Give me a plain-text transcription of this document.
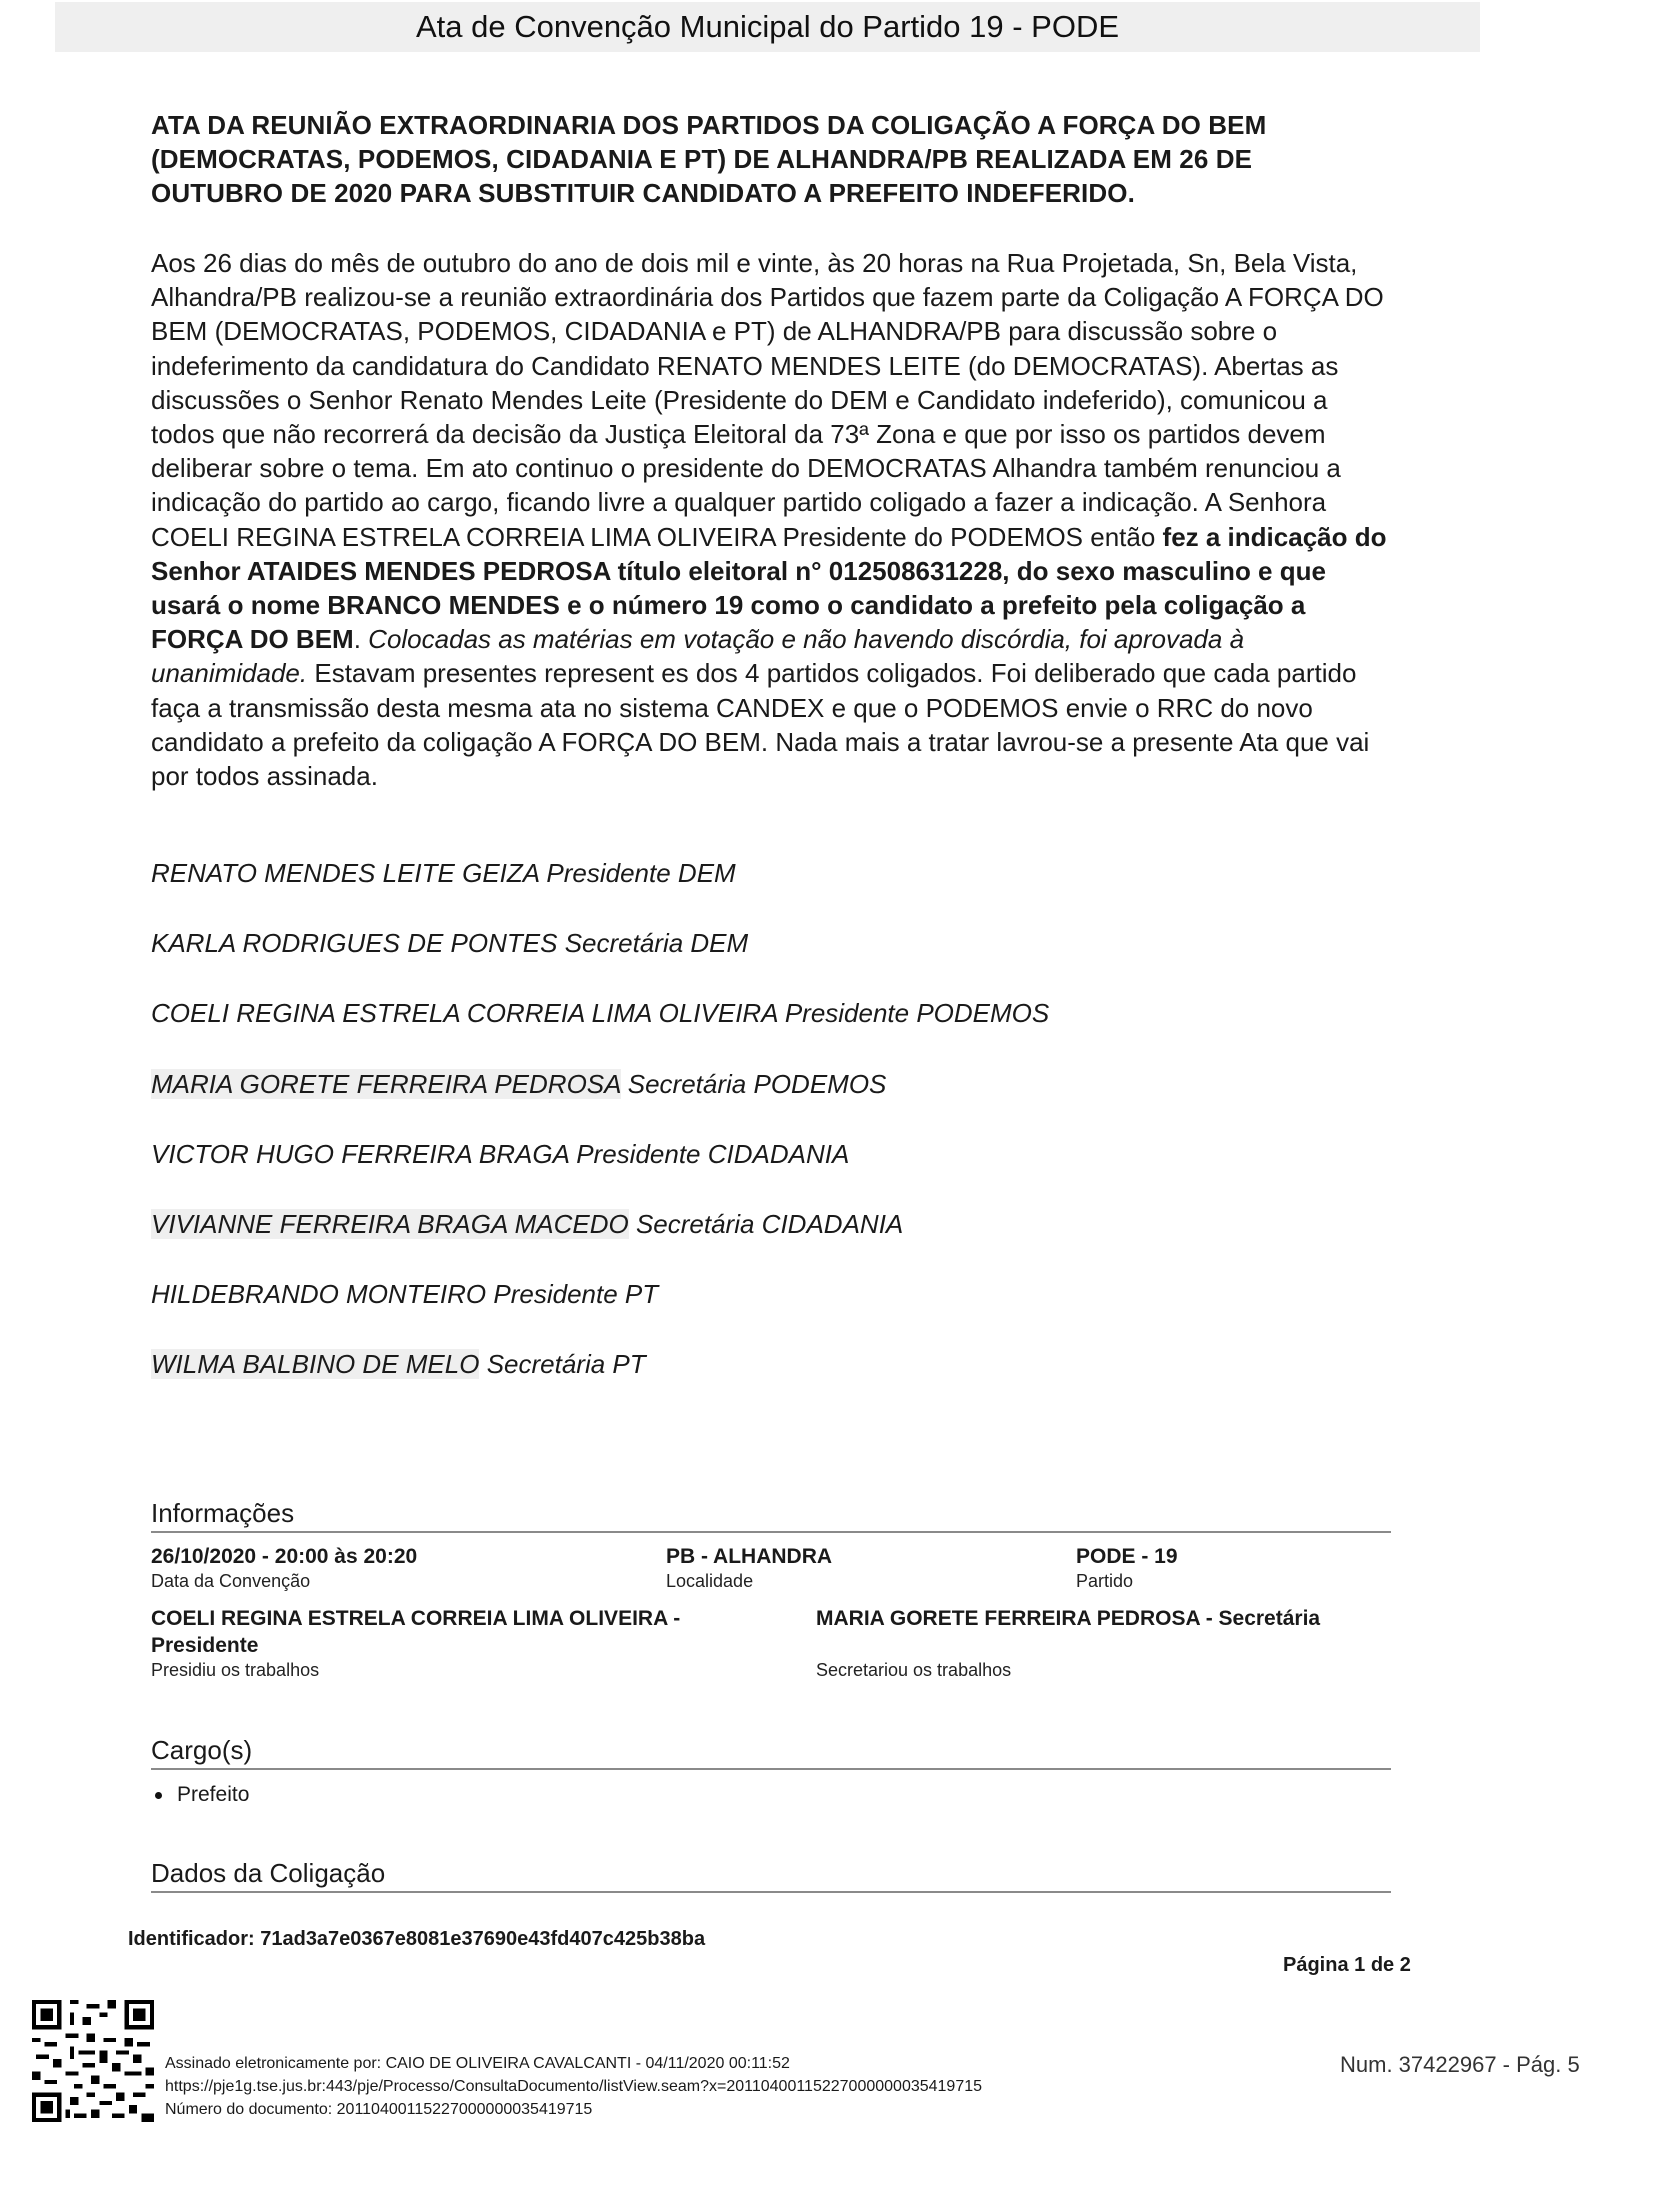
Ata de Convenção Municipal do Partido 19 - PODE
ATA DA REUNIÃO EXTRAORDINARIA DOS PARTIDOS DA COLIGAÇÃO A FORÇA DO BEM
(DEMOCRATAS, PODEMOS, CIDADANIA E PT) DE ALHANDRA/PB REALIZADA EM 26 DE
OUTUBRO DE 2020 PARA SUBSTITUIR CANDIDATO A PREFEITO INDEFERIDO.
Aos 26 dias do mês de outubro do ano de dois mil e vinte, às 20 horas na Rua Projetada, Sn, Bela Vista, Alhandra/PB realizou-se a reunião extraordinária dos Partidos que fazem parte da Coligação A FORÇA DO BEM (DEMOCRATAS, PODEMOS, CIDADANIA e PT) de ALHANDRA/PB para discussão sobre o indeferimento da candidatura do Candidato RENATO MENDES LEITE (do DEMOCRATAS). Abertas as discussões o Senhor Renato Mendes Leite (Presidente do DEM e Candidato indeferido), comunicou a todos que não recorrerá da decisão da Justiça Eleitoral da 73ª Zona e que por isso os partidos devem deliberar sobre o tema. Em ato continuo o presidente do DEMOCRATAS Alhandra também renunciou a indicação do partido ao cargo, ficando livre a qualquer partido coligado a fazer a indicação. A Senhora COELI REGINA ESTRELA CORREIA LIMA OLIVEIRA Presidente do PODEMOS então fez a indicação do Senhor ATAIDES MENDES PEDROSA título eleitoral n° 012508631228, do sexo masculino e que usará o nome BRANCO MENDES e o número 19 como o candidato a prefeito pela coligação a FORÇA DO BEM. Colocadas as matérias em votação e não havendo discórdia, foi aprovada à unanimidade. Estavam presentes represent es dos 4 partidos coligados. Foi deliberado que cada partido faça a transmissão desta mesma ata no sistema CANDEX e que o PODEMOS envie o RRC do novo candidato a prefeito da coligação A FORÇA DO BEM. Nada mais a tratar lavrou-se a presente Ata que vai por todos assinada.
RENATO MENDES LEITE GEIZA Presidente DEM
KARLA RODRIGUES DE PONTES Secretária DEM
COELI REGINA ESTRELA CORREIA LIMA OLIVEIRA Presidente PODEMOS
MARIA GORETE FERREIRA PEDROSA Secretária PODEMOS
VICTOR HUGO FERREIRA BRAGA Presidente CIDADANIA
VIVIANNE FERREIRA BRAGA MACEDO Secretária CIDADANIA
HILDEBRANDO MONTEIRO Presidente PT
WILMA BALBINO DE MELO Secretária PT
Informações
26/10/2020 - 20:00 às 20:20
Data da Convenção
PB - ALHANDRA
Localidade
PODE - 19
Partido
COELI REGINA ESTRELA CORREIA LIMA OLIVEIRA - Presidente
Presidiu os trabalhos
MARIA GORETE FERREIRA PEDROSA - Secretária
Secretariou os trabalhos
Cargo(s)
Prefeito
Dados da Coligação
Identificador: 71ad3a7e0367e8081e37690e43fd407c425b38ba
Página 1 de 2
Assinado eletronicamente por: CAIO DE OLIVEIRA CAVALCANTI - 04/11/2020 00:11:52
https://pje1g.tse.jus.br:443/pje/Processo/ConsultaDocumento/listView.seam?x=20110400115227000000035419715
Número do documento: 20110400115227000000035419715
Num. 37422967 - Pág. 5
